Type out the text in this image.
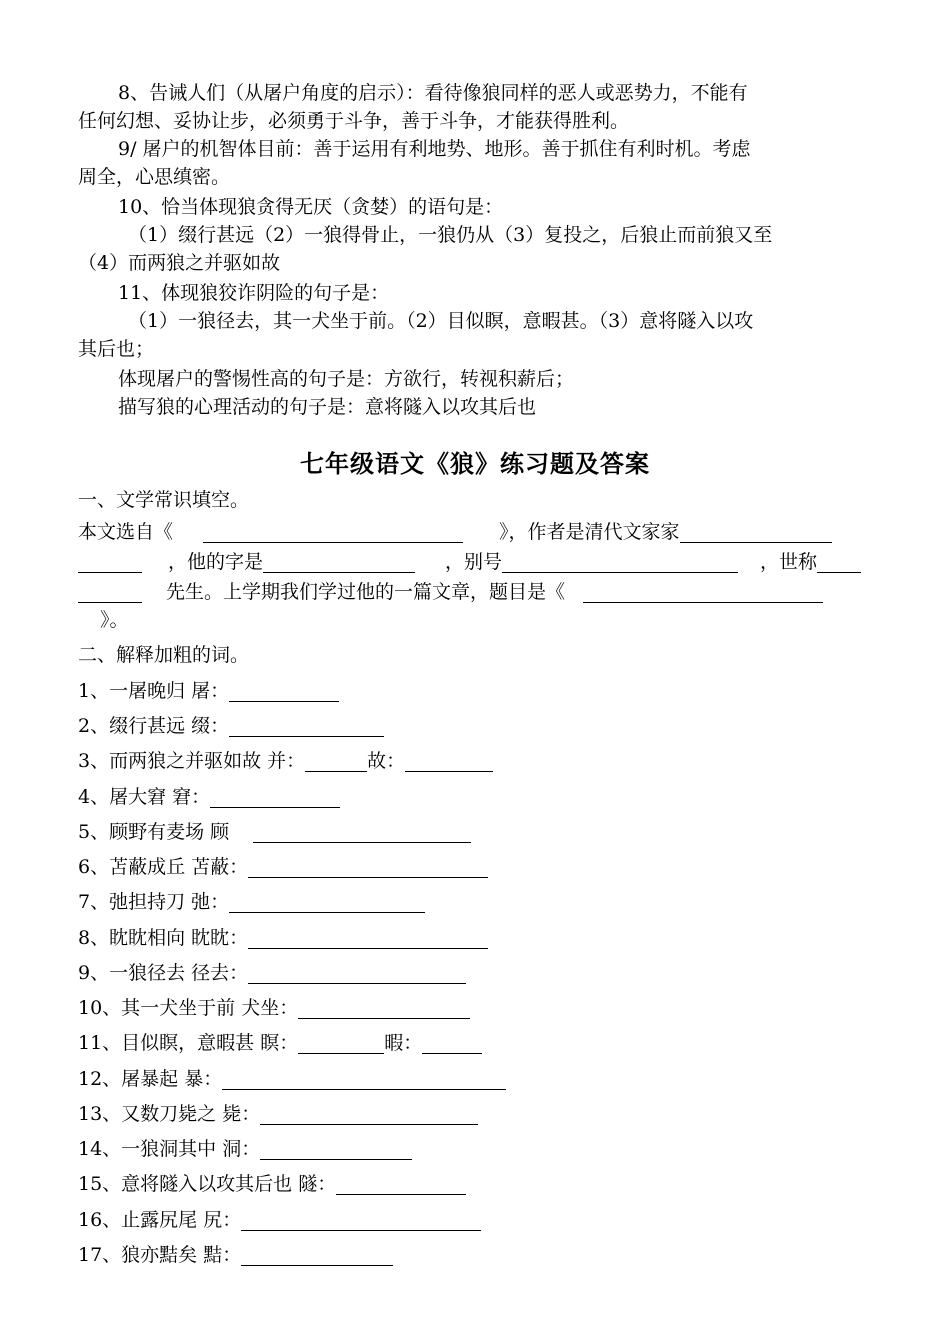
8、告诫人们（从屠户角度的启示）：看待像狼同样的恶人或恶势力，不能有
任何幻想、妥协让步，必须勇于斗争，善于斗争，才能获得胜利。
9/ 屠户的机智体目前：善于运用有利地势、地形。善于抓住有利时机。考虑
周全，心思缜密。
10、恰当体现狼贪得无厌（贪婪）的语句是：
（1）缀行甚远（2）一狼得骨止，一狼仍从（3）复投之，后狼止而前狼又至
（4）而两狼之并驱如故
11、体现狼狡诈阴险的句子是：
（1）一狼径去，其一犬坐于前。（2）目似瞑，意暇甚。（3）意将隧入以攻
其后也；
体现屠户的警惕性高的句子是：方欲行，转视积薪后；
描写狼的心理活动的句子是：意将隧入以攻其后也
七年级语文《狼》练习题及答案
一、文学常识填空。
本文选自《	》，作者是清代文家家
，他的字是	，别号	，世称
先生。上学期我们学过他的一篇文章，题目是《
》。
二、解释加粗的词。
1、一屠晚归 屠：
2、缀行甚远 缀：
3、而两狼之并驱如故 并：	故：
4、屠大窘 窘：
5、顾野有麦场 顾
6、苫蔽成丘 苫蔽：
7、弛担持刀 弛：
8、眈眈相向 眈眈：
9、一狼径去 径去：
10、其一犬坐于前 犬坐：
11、目似瞑，意暇甚 瞑：	暇：
12、屠暴起 暴：
13、又数刀毙之 毙：
14、一狼洞其中 洞：
15、意将隧入以攻其后也 隧：
16、止露尻尾 尻：
17、狼亦黠矣 黠：
